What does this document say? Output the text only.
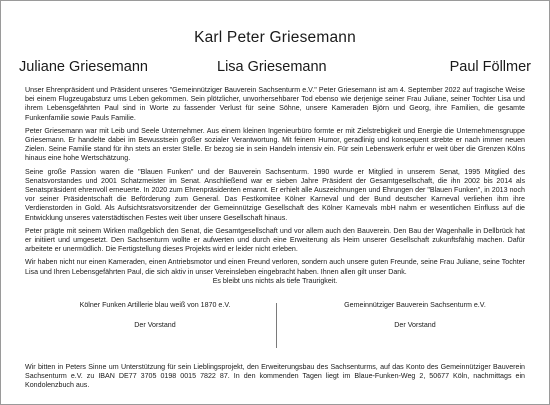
Karl Peter Griesemann
Juliane Griesemann	Lisa Griesemann	Paul Föllmer

Unser Ehrenpräsident und Präsident unseres "Gemeinnütziger Bauverein Sachsenturm e.V." Peter Griesemann ist am 4. September 2022 auf tragische Weise bei einem Flugzeugabsturz ums Leben gekommen. Sein plötzlicher, unvorhersehbarer Tod ebenso wie derjenige seiner Frau Juliane, seiner Tochter Lisa und ihrem Lebensgefährten Paul sind in Worte zu fassender Verlust für seine Söhne, unsere Kameraden Björn und Georg, ihre Familien, die gesamte Funkenfamilie sowie Pauls Familie.

Peter Griesemann war mit Leib und Seele Unternehmer. Aus einem kleinen Ingenieurbüro formte er mit Zielstrebigkeit und Energie die Unternehmensgruppe Griesemann. Er handelte dabei im Bewusstsein großer sozialer Verantwortung. Mit feinem Humor, geradlinig und konsequent strebte er nach immer neuen Zielen. Seine Familie stand für ihn stets an erster Stelle. Er bezog sie in sein Handeln intensiv ein. Für sein Lebenswerk erfuhr er weit über die Grenzen Kölns hinaus eine hohe Wertschätzung.

Seine große Passion waren die "Blauen Funken" und der Bauverein Sachsenturm. 1990 wurde er Mitglied in unserem Senat, 1995 Mitglied des Senatsvorstandes und 2001 Schatzmeister im Senat. Anschließend war er sieben Jahre Präsident der Gesamtgesellschaft, die ihn 2002 bis 2014 als Senatspräsident ehrenvoll erneuerte. In 2020 zum Ehrenpräsidenten ernannt. Er erhielt alle Auszeichnungen und Ehrungen der "Blauen Funken", in 2013 noch vor seiner Präsidentschaft die Beförderung zum General. Das Festkomitee Kölner Karneval und der Bund deutscher Karneval verliehen ihm ihre Verdienstorden in Gold. Als Aufsichtsratsvorsitzender der Gemeinnützige Gesellschaft des Kölner Karnevals mbH nahm er wesentlichen Einfluss auf die Entwicklung unseres vaterstädtischen Festes weit über unsere Gesellschaft hinaus.

Peter prägte mit seinem Wirken maßgeblich den Senat, die Gesamtgesellschaft und vor allem auch den Bauverein. Den Bau der Wagenhalle in Dellbrück hat er initiiert und umgesetzt. Den Sachsenturm wollte er aufwerten und durch eine Erweiterung als Heim unserer Gesellschaft zukunftsfähig machen. Dafür arbeitete er unermüdlich. Die Fertigstellung dieses Projekts wird er leider nicht erleben.

Wir haben nicht nur einen Kameraden, einen Antriebsmotor und einen Freund verloren, sondern auch unsere guten Freunde, seine Frau Juliane, seine Tochter Lisa und Ihren Lebensgefährten Paul, die sich aktiv in unser Vereinsleben eingebracht haben. Ihnen allen gilt unser Dank.

Es bleibt uns nichts als tiefe Traurigkeit.
Kölner Funken Artillerie blau weiß von 1870 e.V.
Der Vorstand
Gemeinnütziger Bauverein Sachsenturm e.V.
Der Vorstand
Wir bitten in Peters Sinne um Unterstützung für sein Lieblingsprojekt, den Erweiterungsbau des Sachsenturms, auf das Konto des Gemeinnütziger Bauverein Sachsenturm e.V. zu IBAN DE77 3705 0198 0015 7822 87. In den kommenden Tagen liegt im Blaue-Funken-Weg 2, 50677 Köln, nachmittags ein Kondolenzbuch aus.
